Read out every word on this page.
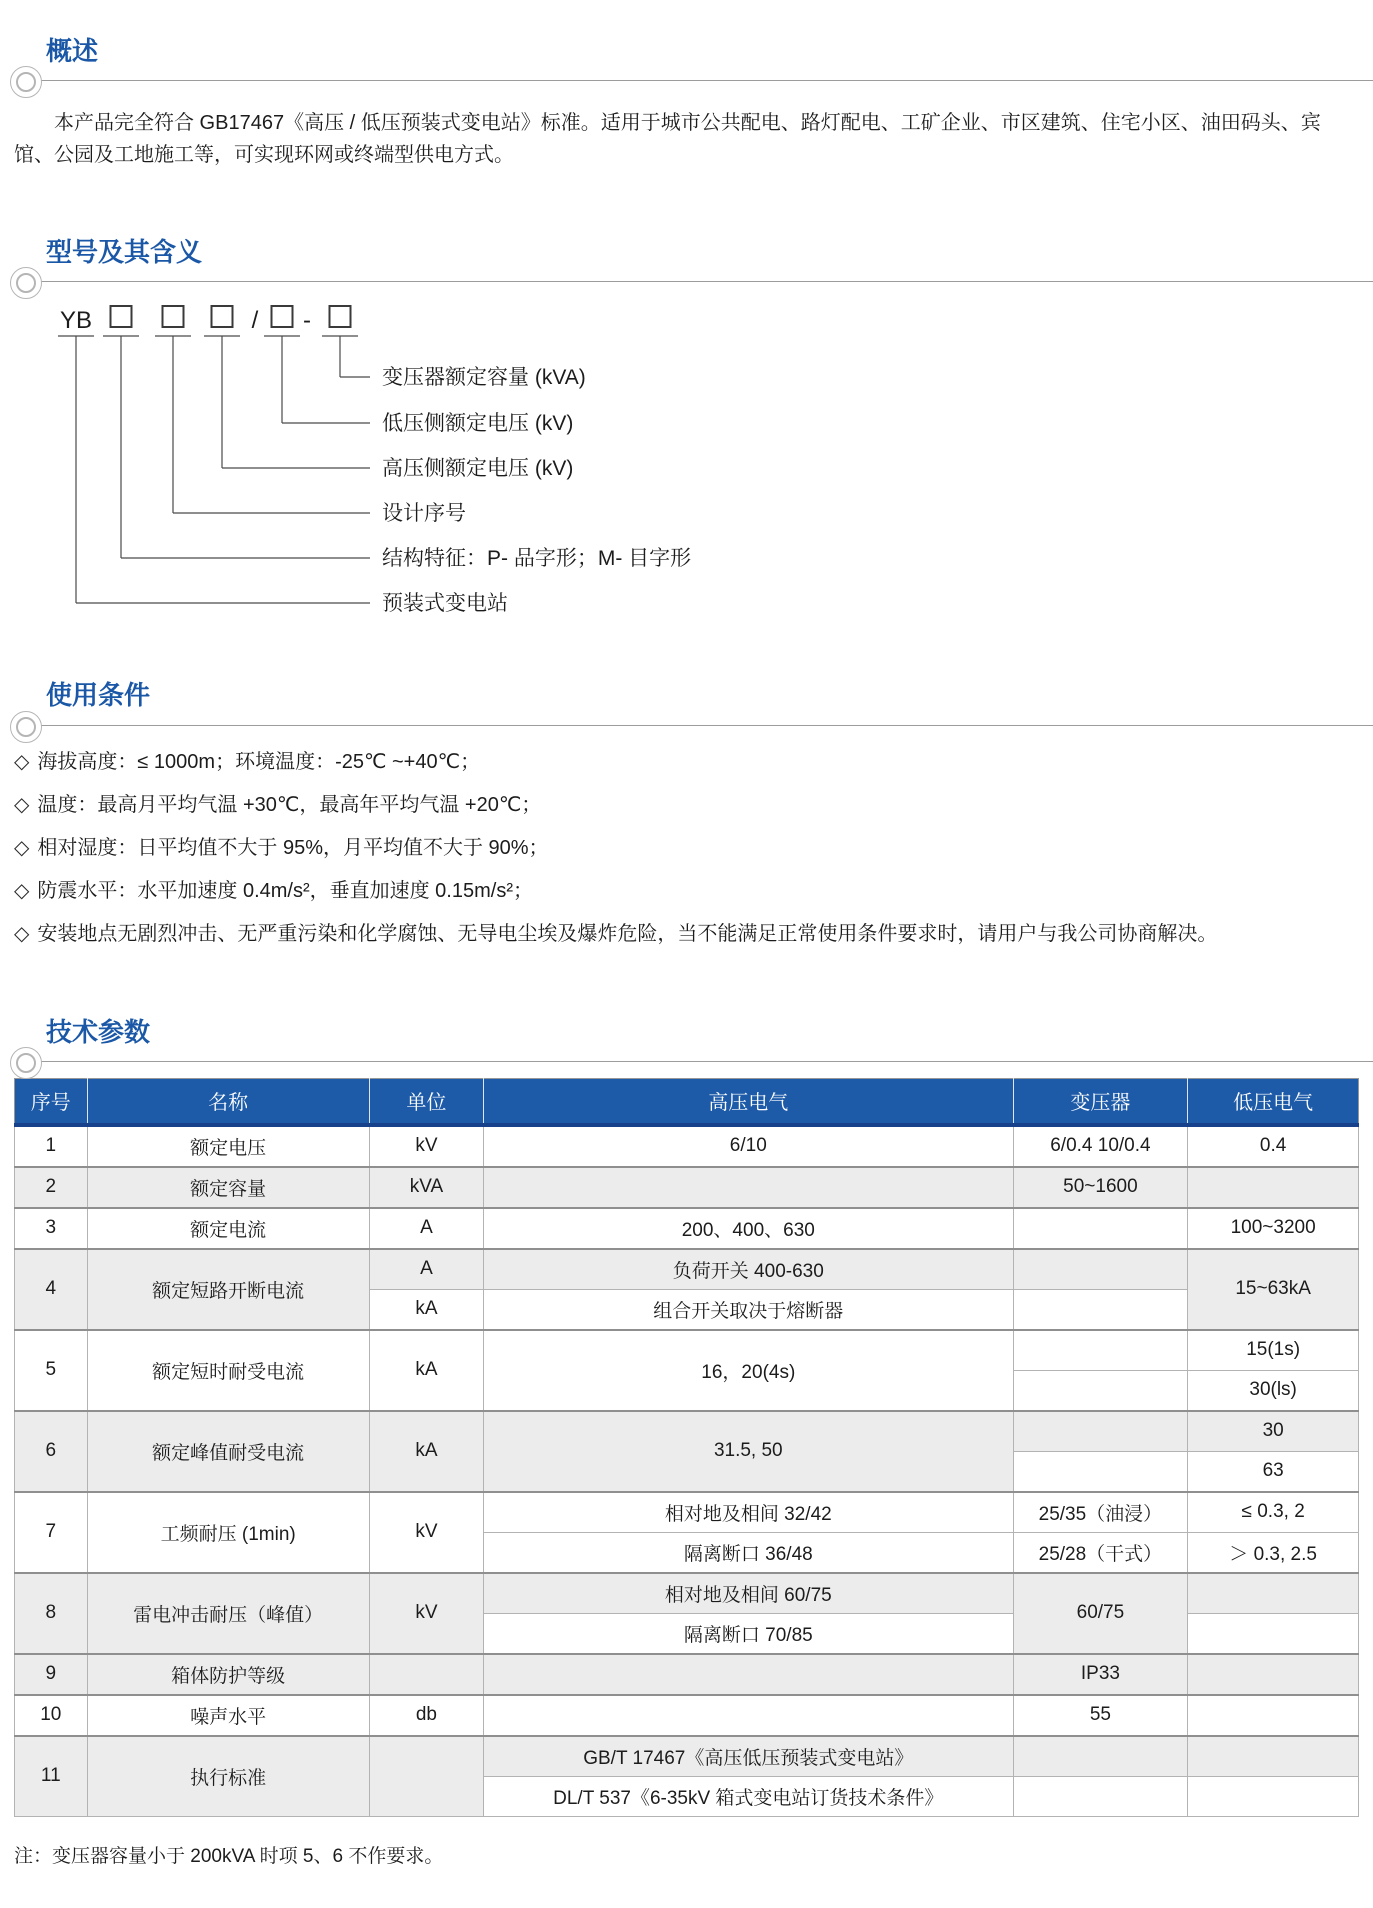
概述

本产品完全符合 GB17467《高压 / 低压预装式变电站》标准。适用于城市公共配电、路灯配电、工矿企业、市区建筑、住宅小区、油田码头、宾馆、公园及工地施工等，可实现环网或终端型供电方式。

型号及其含义
YB	/ -
变压器额定容量 (kVA)
低压侧额定电压 (kV)
高压侧额定电压 (kV)
设计序号
结构特征：P- 品字形；M- 目字形
预装式变电站
使用条件
◇ 海拔高度：≤ 1000m；环境温度：-25℃ ~+40℃；
◇ 温度：最高月平均气温 +30℃，最高年平均气温 +20℃；
◇ 相对湿度：日平均值不大于 95%，月平均值不大于 90%；
◇ 防震水平：水平加速度 0.4m/s²，垂直加速度 0.15m/s²；
◇ 安装地点无剧烈冲击、无严重污染和化学腐蚀、无导电尘埃及爆炸危险，当不能满足正常使用条件要求时，请用户与我公司协商解决。
技术参数
序号	名称	单位	高压电气	变压器	低压电气
1	额定电压	kV	6/10	6/0.4 10/0.4	0.4
2	额定容量	kVA		50~1600	
3	额定电流	A	200、400、630		100~3200
4	额定短路开断电流	A	负荷开关 400-630		15~63kA
		kA	组合开关取决于熔断器		
5	额定短时耐受电流	kA	16，20(4s)		15(1s)
					30(ls)
6	额定峰值耐受电流	kA	31.5, 50		30
					63
7	工频耐压 (1min)	kV	相对地及相间 32/42	25/35（油浸）	≤ 0.3, 2
			隔离断口 36/48	25/28（干式）	＞ 0.3, 2.5
8	雷电冲击耐压（峰值）	kV	相对地及相间 60/75	60/75	
			隔离断口 70/85		
9	箱体防护等级			IP33	
10	噪声水平	db		55	
11	执行标准		GB/T 17467《高压低压预装式变电站》		
			DL/T 537《6-35kV 箱式变电站订货技术条件》		

注：变压器容量小于 200kVA 时项 5、6 不作要求。
